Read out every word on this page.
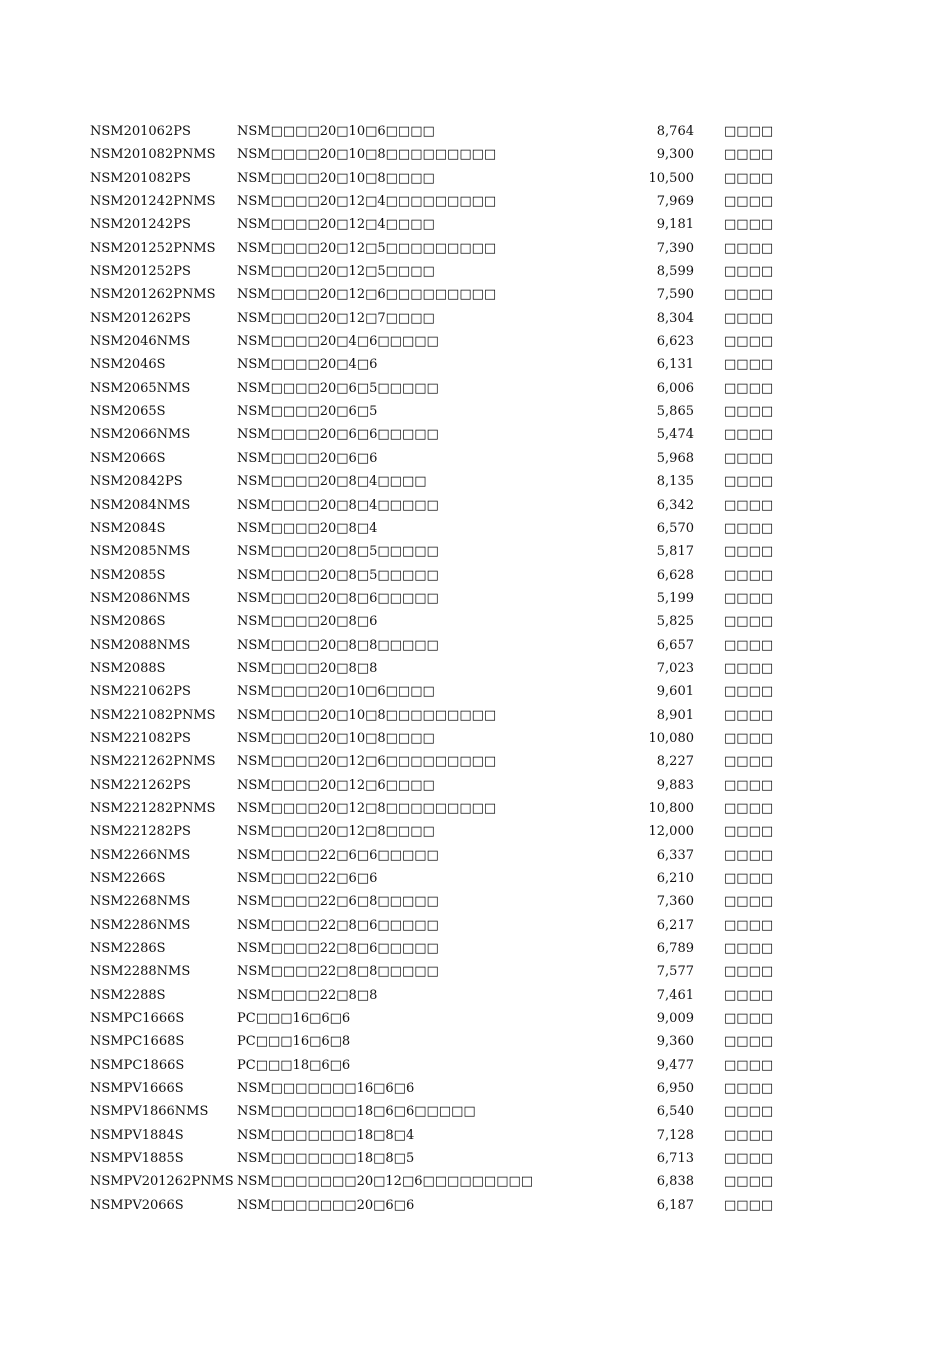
NSM201062PS	NSM□□□□20□10□6□□□□	8,764 □□□□
NSM201082PNMS	NSM□□□□20□10□8□□□□□□□□□	9,300 □□□□
NSM201082PS	NSM□□□□20□10□8□□□□	10,500 □□□□
NSM201242PNMS	NSM□□□□20□12□4□□□□□□□□□	7,969 □□□□
NSM201242PS	NSM□□□□20□12□4□□□□	9,181 □□□□
NSM201252PNMS	NSM□□□□20□12□5□□□□□□□□□	7,390 □□□□
NSM201252PS	NSM□□□□20□12□5□□□□	8,599 □□□□
NSM201262PNMS	NSM□□□□20□12□6□□□□□□□□□	7,590 □□□□
NSM201262PS	NSM□□□□20□12□7□□□□	8,304 □□□□
NSM2046NMS	NSM□□□□20□4□6□□□□□	6,623 □□□□
NSM2046S	NSM□□□□20□4□6	6,131 □□□□
NSM2065NMS	NSM□□□□20□6□5□□□□□	6,006 □□□□
NSM2065S	NSM□□□□20□6□5	5,865 □□□□
NSM2066NMS	NSM□□□□20□6□6□□□□□	5,474 □□□□
NSM2066S	NSM□□□□20□6□6	5,968 □□□□
NSM20842PS	NSM□□□□20□8□4□□□□	8,135 □□□□
NSM2084NMS	NSM□□□□20□8□4□□□□□	6,342 □□□□
NSM2084S	NSM□□□□20□8□4	6,570 □□□□
NSM2085NMS	NSM□□□□20□8□5□□□□□	5,817 □□□□
NSM2085S	NSM□□□□20□8□5□□□□□	6,628 □□□□
NSM2086NMS	NSM□□□□20□8□6□□□□□	5,199 □□□□
NSM2086S	NSM□□□□20□8□6	5,825 □□□□
NSM2088NMS	NSM□□□□20□8□8□□□□□	6,657 □□□□
NSM2088S	NSM□□□□20□8□8	7,023 □□□□
NSM221062PS	NSM□□□□20□10□6□□□□	9,601 □□□□
NSM221082PNMS	NSM□□□□20□10□8□□□□□□□□□	8,901 □□□□
NSM221082PS	NSM□□□□20□10□8□□□□	10,080 □□□□
NSM221262PNMS	NSM□□□□20□12□6□□□□□□□□□	8,227 □□□□
NSM221262PS	NSM□□□□20□12□6□□□□	9,883 □□□□
NSM221282PNMS	NSM□□□□20□12□8□□□□□□□□□	10,800 □□□□
NSM221282PS	NSM□□□□20□12□8□□□□	12,000 □□□□
NSM2266NMS	NSM□□□□22□6□6□□□□□	6,337 □□□□
NSM2266S	NSM□□□□22□6□6	6,210 □□□□
NSM2268NMS	NSM□□□□22□6□8□□□□□	7,360 □□□□
NSM2286NMS	NSM□□□□22□8□6□□□□□	6,217 □□□□
NSM2286S	NSM□□□□22□8□6□□□□□	6,789 □□□□
NSM2288NMS	NSM□□□□22□8□8□□□□□	7,577 □□□□
NSM2288S	NSM□□□□22□8□8	7,461 □□□□
NSMPC1666S	PC□□□16□6□6	9,009 □□□□
NSMPC1668S	PC□□□16□6□8	9,360 □□□□
NSMPC1866S	PC□□□18□6□6	9,477 □□□□
NSMPV1666S	NSM□□□□□□□16□6□6	6,950 □□□□
NSMPV1866NMS	NSM□□□□□□□18□6□6□□□□□	6,540 □□□□
NSMPV1884S	NSM□□□□□□□18□8□4	7,128 □□□□
NSMPV1885S	NSM□□□□□□□18□8□5	6,713 □□□□
NSMPV201262PNMS NSM□□□□□□□20□12□6□□□□□□□□□	6,838 □□□□
NSMPV2066S	NSM□□□□□□□20□6□6	6,187 □□□□
